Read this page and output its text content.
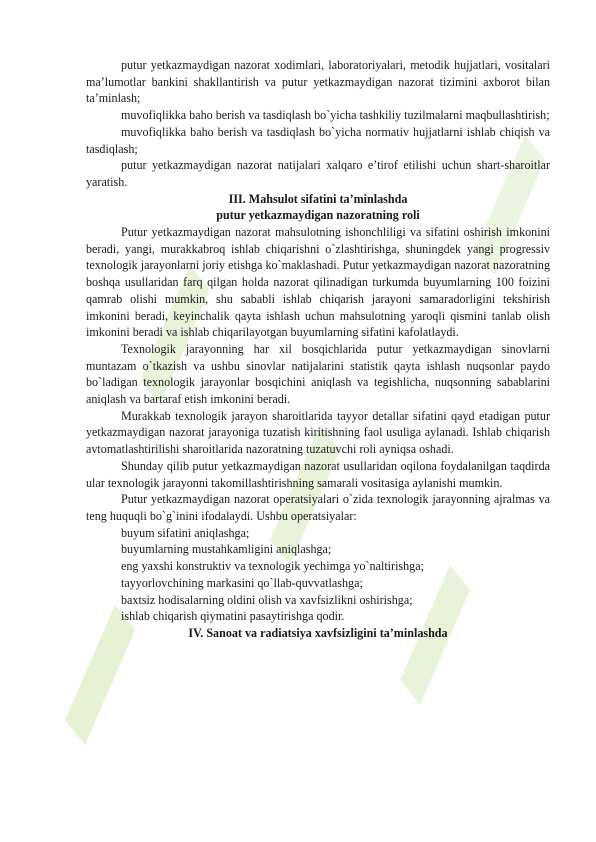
putur yetkazmaydigan nazorat xodimlari, laboratoriyalari, metodik hujjatlari, vositalari ma’lumotlar bankini shakllantirish va putur yetkazmaydigan nazorat tizimini axborot bilan ta’minlash;

muvofiqlikka baho berish va tasdiqlash bo`yicha tashkiliy tuzilmalarni maqbullashtirish;

muvofiqlikka baho berish va tasdiqlash bo`yicha normativ hujjatlarni ishlab chiqish va tasdiqlash;

putur yetkazmaydigan nazorat natijalari xalqaro e’tirof etilishi uchun shart-sharoitlar yaratish.

III. Mahsulot sifatini ta’minlashda
putur yetkazmaydigan nazoratning roli

Putur yetkazmaydigan nazorat mahsulotning ishonchliligi va sifatini oshirish imkonini beradi, yangi, murakkabroq ishlab chiqarishni o`zlashtirishga, shuningdek yangi progressiv texnologik jarayonlarni joriy etishga ko`maklashadi. Putur yetkazmaydigan nazorat nazoratning boshqa usullaridan farq qilgan holda nazorat qilinadigan turkumda buyumlarning 100 foizini qamrab olishi mumkin, shu sababli ishlab chiqarish jarayoni samaradorligini tekshirish imkonini beradi, keyinchalik qayta ishlash uchun mahsulotning yaroqli qismini tanlab olish imkonini beradi va ishlab chiqarilayotgan buyumlarning sifatini kafolatlaydi.

Texnologik jarayonning har xil bosqichlarida putur yetkazmaydigan sinovlarni muntazam o`tkazish va ushbu sinovlar natijalarini statistik qayta ishlash nuqsonlar paydo bo`ladigan texnologik jarayonlar bosqichini aniqlash va tegishlicha, nuqsonning sabablarini aniqlash va bartaraf etish imkonini beradi.

Murakkab texnologik jarayon sharoitlarida tayyor detallar sifatini qayd etadigan putur yetkazmaydigan nazorat jarayoniga tuzatish kiritishning faol usuliga aylanadi. Ishlab chiqarish avtomatlashtirilishi sharoitlarida nazoratning tuzatuvchi roli ayniqsa oshadi.

Shunday qilib putur yetkazmaydigan nazorat usullaridan oqilona foydalanilgan taqdirda ular texnologik jarayonni takomillashtirishning samarali vositasiga aylanishi mumkin.

Putur yetkazmaydigan nazorat operatsiyalari o`zida texnologik jarayonning ajralmas va teng huquqli bo`g`inini ifodalaydi. Ushbu operatsiyalar:

buyum sifatini aniqlashga;

buyumlarning mustahkamligini aniqlashga;

eng yaxshi konstruktiv va texnologik yechimga yo`naltirishga;

tayyorlovchining markasini qo`llab-quvvatlashga;

baxtsiz hodisalarning oldini olish va xavfsizlikni oshirishga;

ishlab chiqarish qiymatini pasaytirishga qodir.

IV. Sanoat va radiatsiya xavfsizligini ta’minlashda
